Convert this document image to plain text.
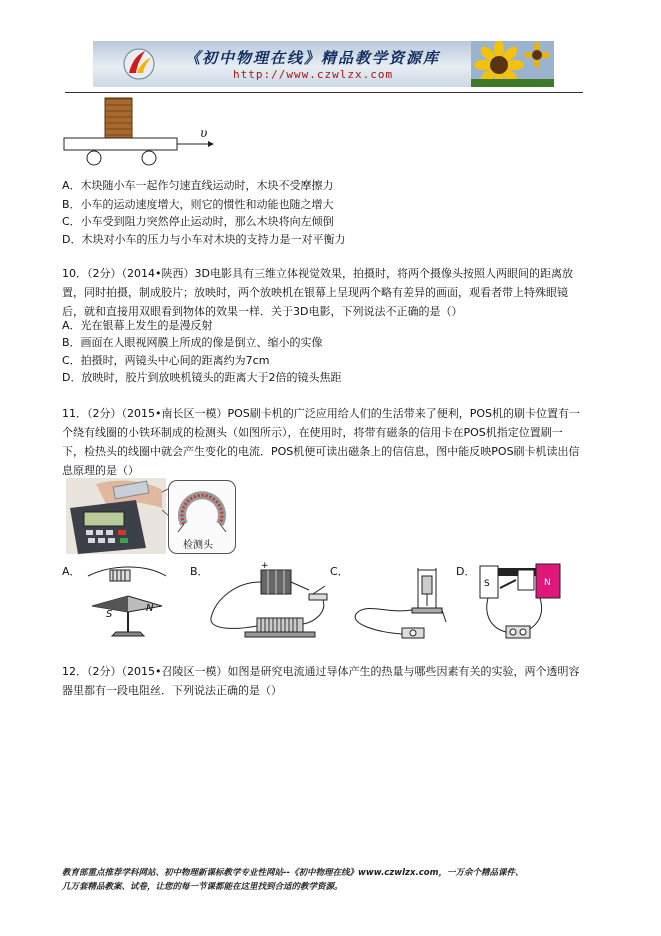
《初中物理在线》精品教学资源库
http://www.czwlzx.com
υ
A．木块随小车一起作匀速直线运动时，木块不受摩擦力
B．小车的运动速度增大，则它的惯性和动能也随之增大
C．小车受到阻力突然停止运动时，那么木块将向左倾倒
D．木块对小车的压力与小车对木块的支持力是一对平衡力
10．（2分）（2014•陕西）3D电影具有三维立体视觉效果，拍摄时，将两个摄像头按照人两眼间的距离放置，同时拍摄，制成胶片；放映时，两个放映机在银幕上呈现两个略有差异的画面，观看者带上特殊眼镜后，就和直接用双眼看到物体的效果一样．关于3D电影，下列说法不正确的是（）
A．光在银幕上发生的是漫反射
B．画面在人眼视网膜上所成的像是倒立、缩小的实像
C．拍摄时，两镜头中心间的距离约为7cm
D．放映时，胶片到放映机镜头的距离大于2倍的镜头焦距
11．（2分）（2015•南长区一模）POS刷卡机的广泛应用给人们的生活带来了便利，POS机的刷卡位置有一个绕有线圈的小铁环制成的检测头（如图所示），在使用时，将带有磁条的信用卡在POS机指定位置刷一下，检热头的线圈中就会产生变化的电流．POS机便可读出磁条上的信信息，图中能反映POS刷卡机读出信息原理的是（）
检测头
A．	B．	C．	D．
S
N
+
S	N
12．（2分）（2015•召陵区一模）如图是研究电流通过导体产生的热量与哪些因素有关的实验，两个透明容器里都有一段电阻丝．下列说法正确的是（）
教育部重点推荐学科网站、初中物理新课标教学专业性网站--《初中物理在线》www.czwlzx.com，一万余个精品课件、
几万套精品教案、试卷，让您的每一节课都能在这里找到合适的教学资源。
